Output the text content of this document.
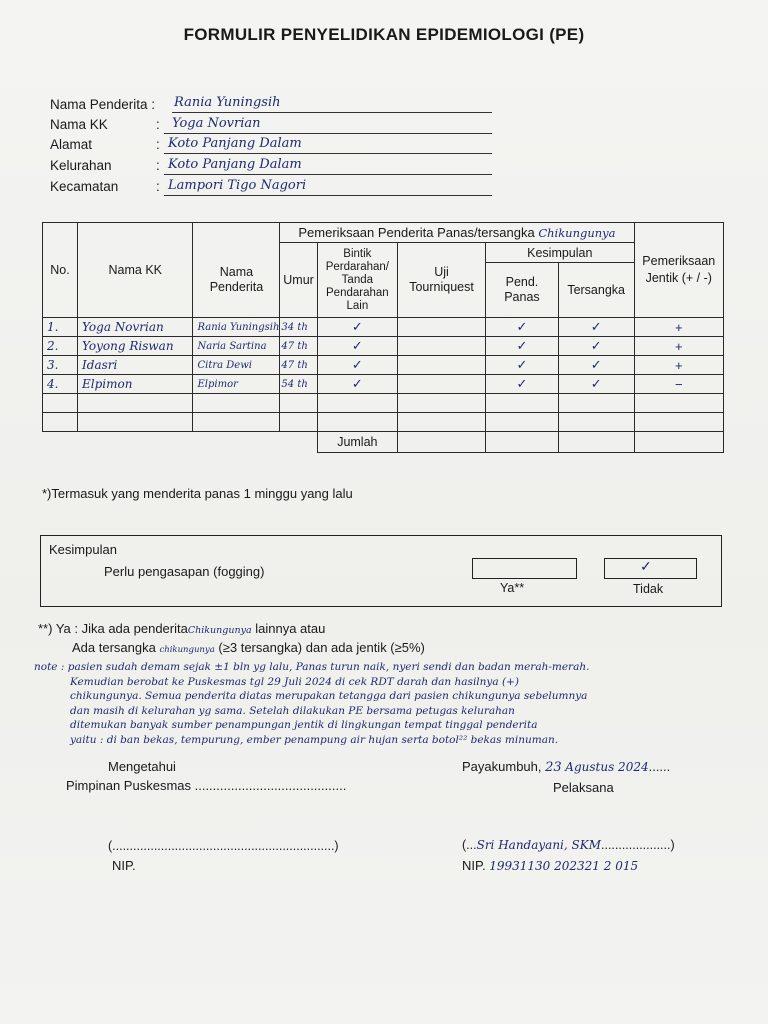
FORMULIR PENYELIDIKAN EPIDEMIOLOGI (PE)
Nama Penderita : Rania Yuningsih
Nama KK	: Yoga Novrian
Alamat	: Koto Panjang Dalam
Kelurahan	: Koto Panjang Dalam
Kecamatan	: Lampori Tigo Nagori
No.	Nama KK		Pemeriksaan Penderita Panas/tersangka Chikungunya					Pemeriksaan Jentik (+ / -)
		Nama Penderita	Umur	Bintik Perdarahan/ Tanda Pendarahan Lain	Uji Tourniquest	Kesimpulan		
						Pend. Panas	Tersangka	
1.	Yoga Novrian	Rania Yuningsih	34 th	✓		✓	✓	+
2.	Yoyong Riswan	Naria Sartina	47 th	✓		✓	✓	+
3.	Idasri	Citra Dewi	47 th	✓		✓	✓	+
4.	Elpimon	Elpimor	54 th	✓		✓	✓	−

				Jumlah				
*)Termasuk yang menderita panas 1 minggu yang lalu
Kesimpulan
Perlu pengasapan (fogging)	✓
Ya**	Tidak
**) Ya : Jika ada penderitaChikungunya lainnya atau
Ada tersangka chikungunya (≥3 tersangka) dan ada jentik (≥5%)
note : pasien sudah demam sejak ±1 bln yg lalu, Panas turun naik, nyeri sendi dan badan merah-merah.
Kemudian berobat ke Puskesmas tgl 29 Juli 2024 di cek RDT darah dan hasilnya (+)
chikungunya. Semua penderita diatas merupakan tetangga dari pasien chikungunya sebelumnya
dan masih di kelurahan yg sama. Setelah dilakukan PE bersama petugas kelurahan
ditemukan banyak sumber penampungan jentik di lingkungan tempat tinggal penderita
yaitu : di ban bekas, tempurung, ember penampung air hujan serta botol²² bekas minuman.
Mengetahui
Pimpinan Puskesmas ..........................................
Payakumbuh, 23 Agustus 2024......
Pelaksana
(................................................................)
NIP.
(...Sri Handayani, SKM....................)
NIP. 19931130 202321 2 015
